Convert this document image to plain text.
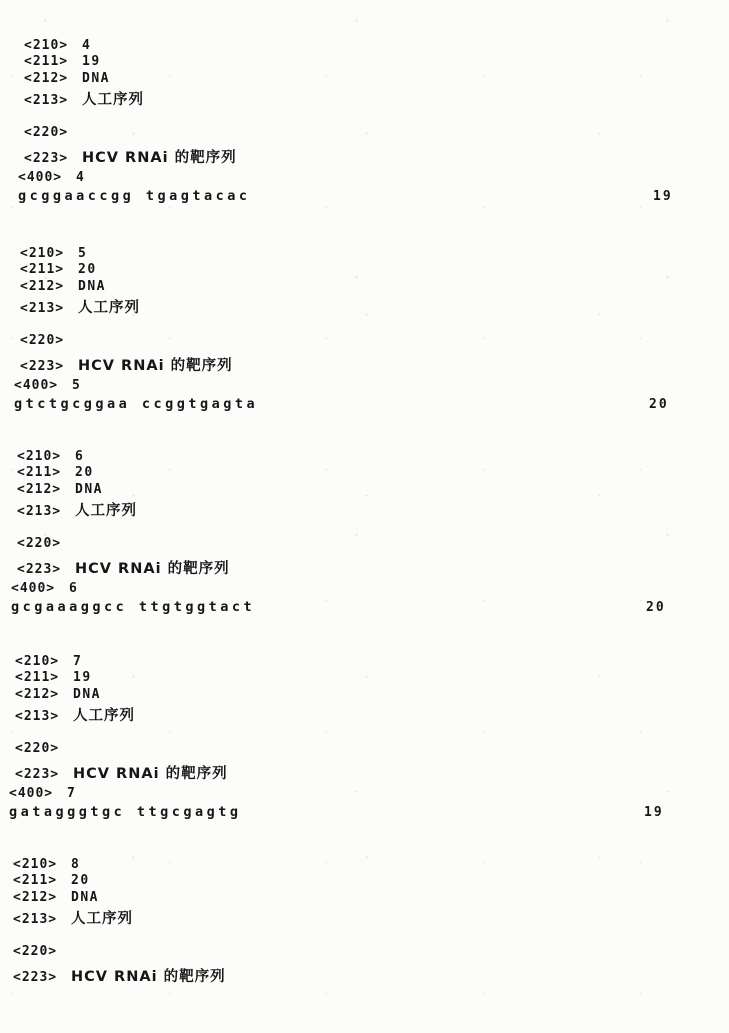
<210> 4
<211> 19
<212> DNA
<213> 人工序列
<220>
<223> HCV RNAi 的靶序列
<400> 4
gcggaaccgg tgagtacac	19
<210> 5
<211> 20
<212> DNA
<213> 人工序列
<220>
<223> HCV RNAi 的靶序列
<400> 5
gtctgcggaa ccggtgagta	20
<210> 6
<211> 20
<212> DNA
<213> 人工序列
<220>
<223> HCV RNAi 的靶序列
<400> 6
gcgaaaggcc ttgtggtact	20
<210> 7
<211> 19
<212> DNA
<213> 人工序列
<220>
<223> HCV RNAi 的靶序列
<400> 7
gatagggtgc ttgcgagtg	19
<210> 8
<211> 20
<212> DNA
<213> 人工序列
<220>
<223> HCV RNAi 的靶序列
